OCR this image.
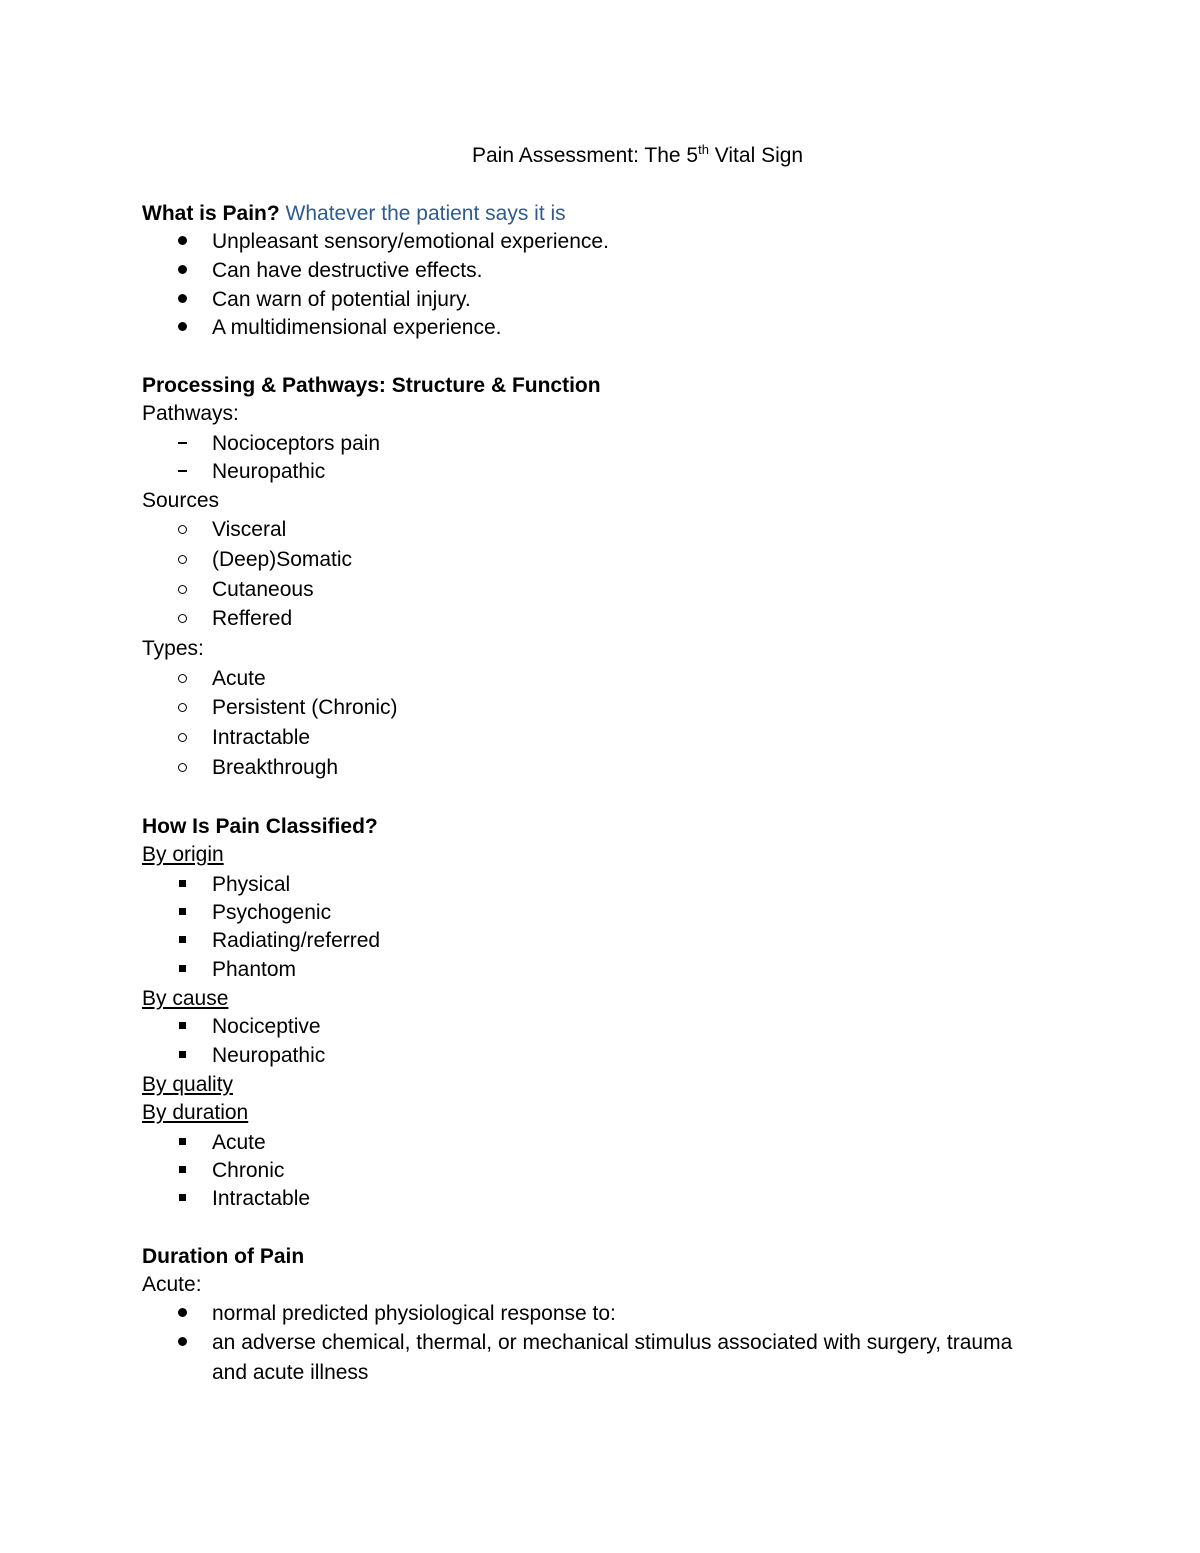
Pain Assessment: The 5th Vital Sign
What is Pain? Whatever the patient says it is
Unpleasant sensory/emotional experience.
Can have destructive effects.
Can warn of potential injury.
A multidimensional experience.
Processing & Pathways: Structure & Function
Pathways:
Nocioceptors pain
Neuropathic
Sources
Visceral
(Deep)Somatic
Cutaneous
Reffered
Types:
Acute
Persistent (Chronic)
Intractable
Breakthrough
How Is Pain Classified?
By origin
Physical
Psychogenic
Radiating/referred
Phantom
By cause
Nociceptive
Neuropathic
By quality
By duration
Acute
Chronic
Intractable
Duration of Pain
Acute:
normal predicted physiological response to:
an adverse chemical, thermal, or mechanical stimulus associated with surgery, trauma
and acute illness
